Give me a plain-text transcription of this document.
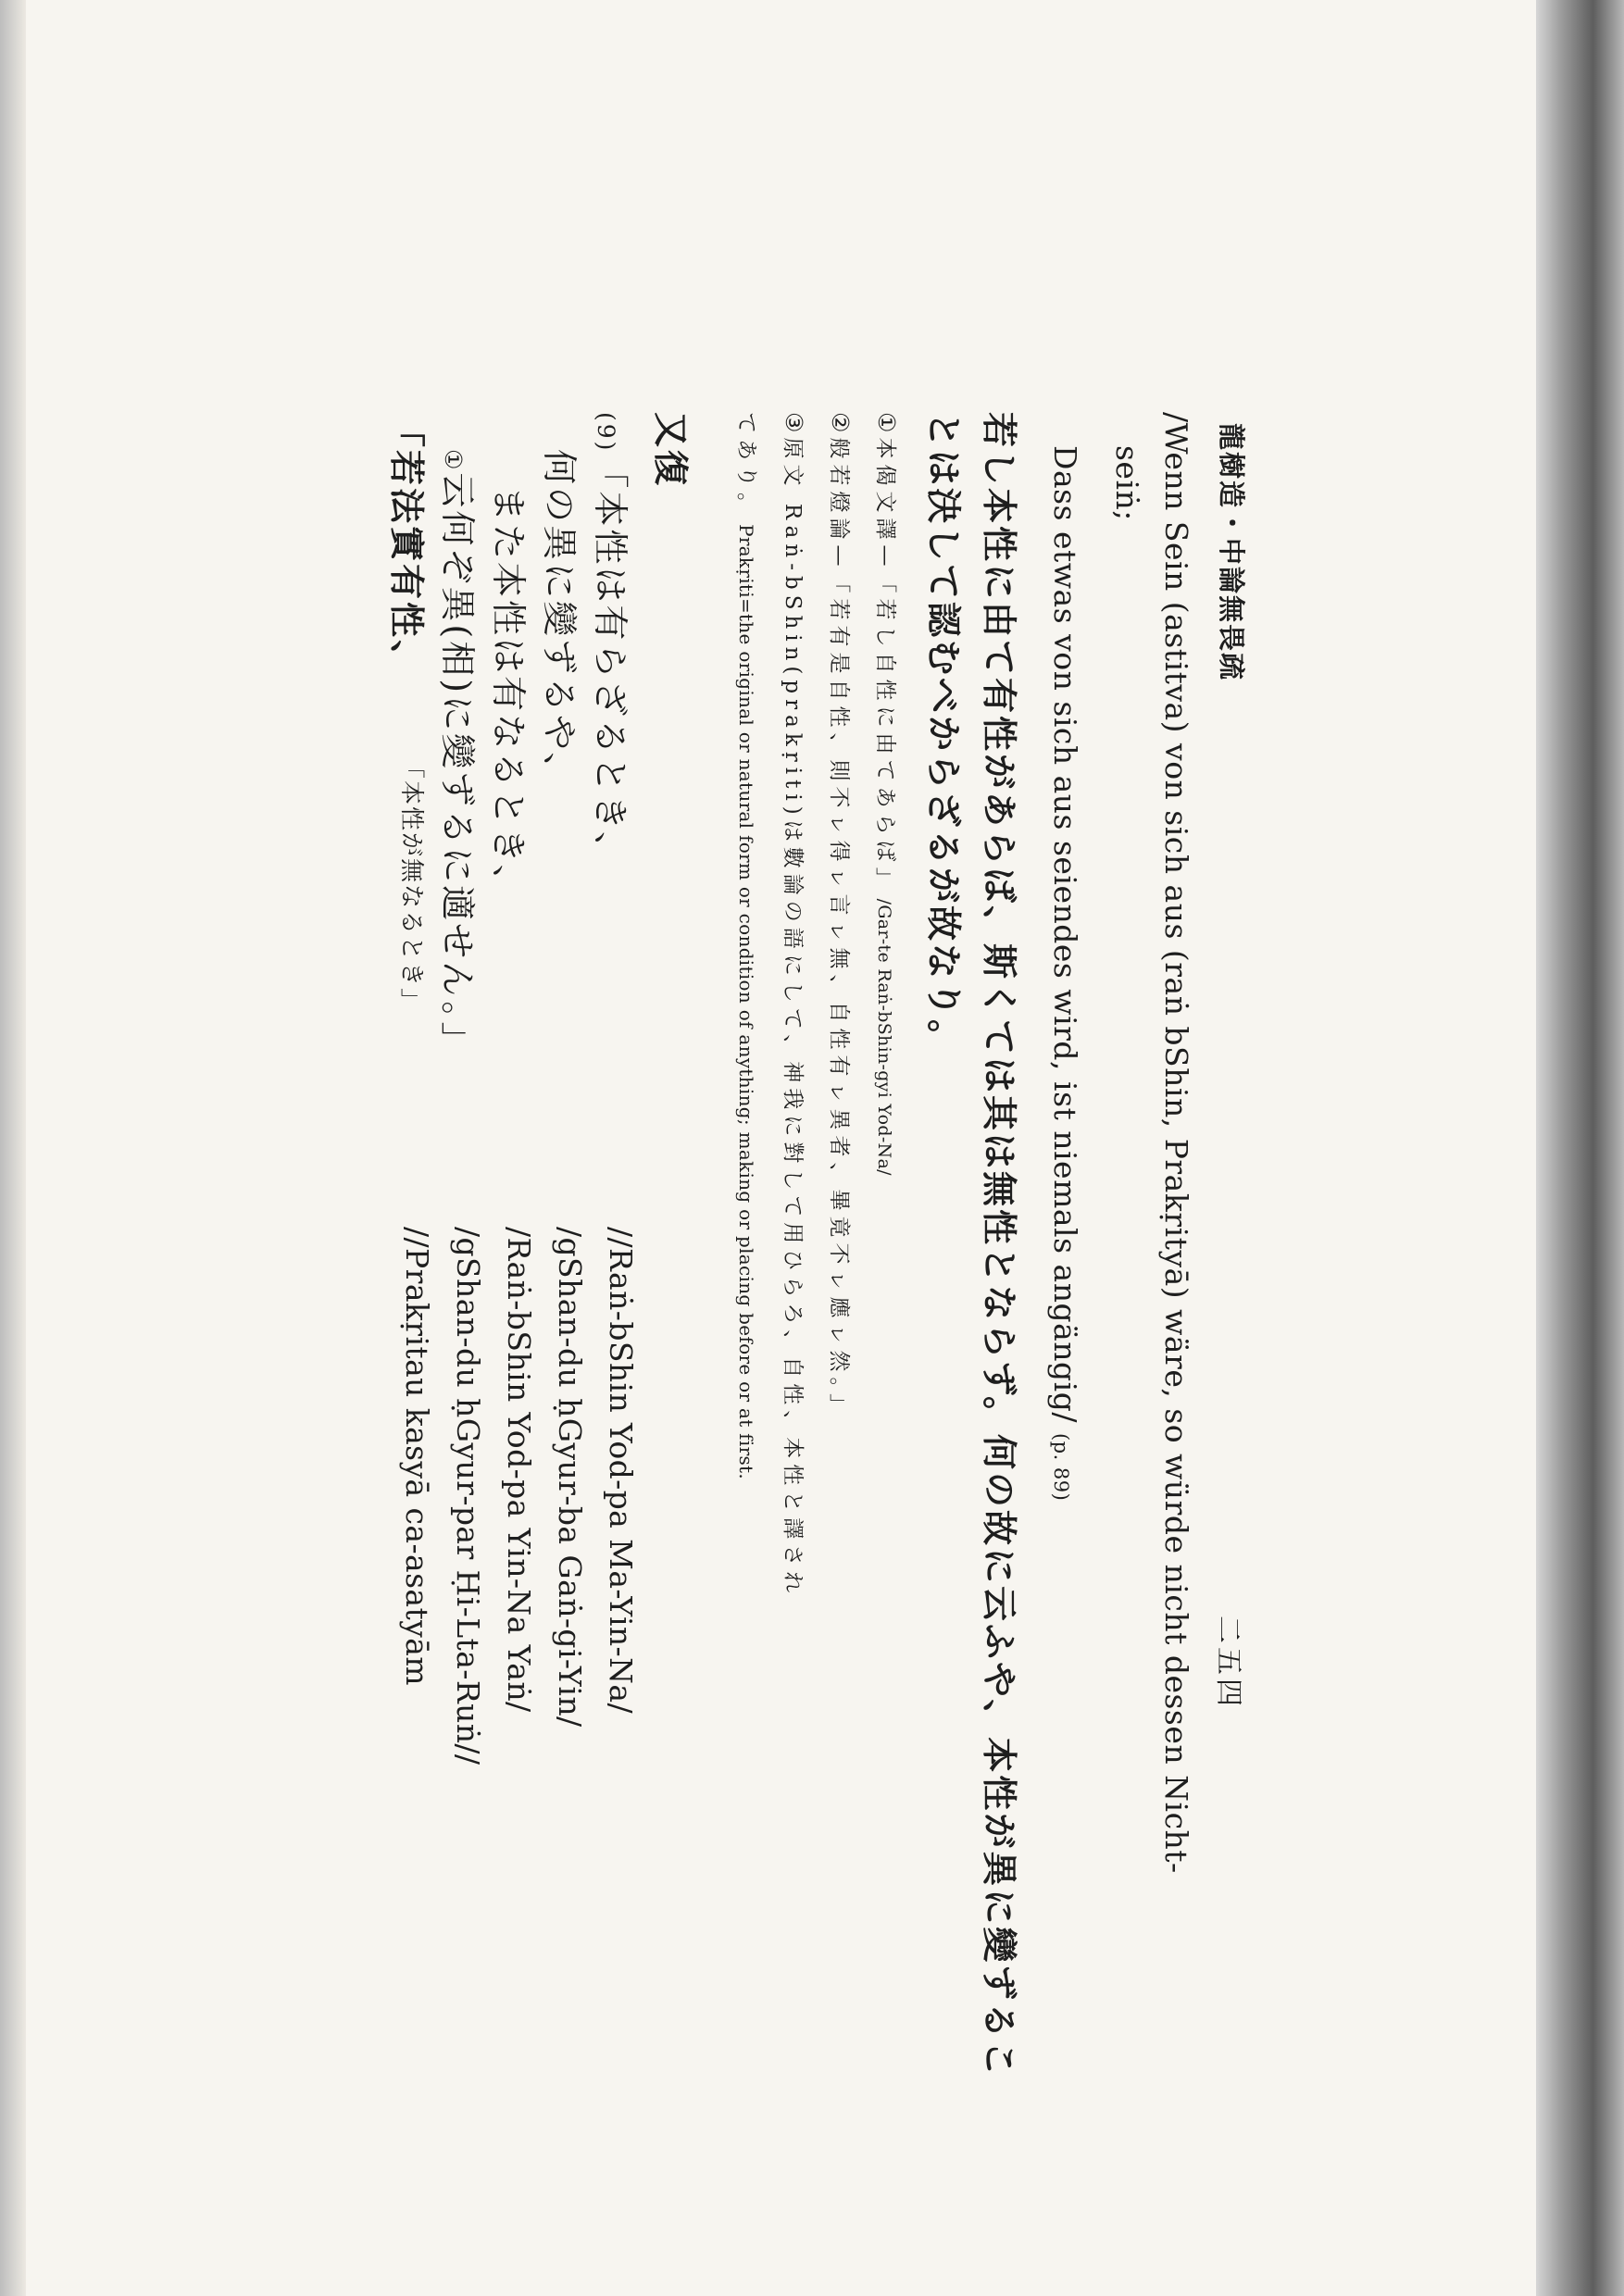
龍樹造・中論無畏疏
二五四
/Wenn Sein (astitva) von sich aus (raṅ bShin, Prakṛityā) wäre, so würde nicht dessen Nicht-
seiṅ;
Dass etwas von sich aus seiendes wird, ist niemals angängig/ (p. 89)
若し本性に由て有性があらば、斯くては其は無性とならず。何の故に云ふや、本性が異に變ずるこ
とは決して認むべからざるが故なり。
① 本偈文譯—「若し自性に由てあらば」 /Gar-te Raṅ-bShin-gyi Yod-Na/
② 般若燈論—「若有是自性、則不ㇾ得ㇾ言ㇾ無、自性有ㇾ異者、畢竟不ㇾ應ㇾ然。」
③ 原文 Raṅ-bShin(prakṛiti)は數論の語にして、神我に對して用ひらろ、自性、本性と譯され
てあり。 Prakṛiti=the original or natural form or condition of anything; making or placing before or at first.
又復
(9)「本性は有らざるとき、
//Raṅ-bShin Yod-pa Ma-Yin-Na/
何の異に變ずるや、
/gShan-du ḥGyur-ba Gaṅ-gi-Yin/
また本性は有なるとき、
/Raṅ-bShin Yod-pa Yin-Na Yaṅ/
①云何ぞ異(相)に變ずるに適せん。」
/gShan-du ḥGyur-par Ḥi-Lta-Ruṅ//
「若法實有性、
「本性が無なるとき」
//Prakṛitau kasyā ca-asatyām
